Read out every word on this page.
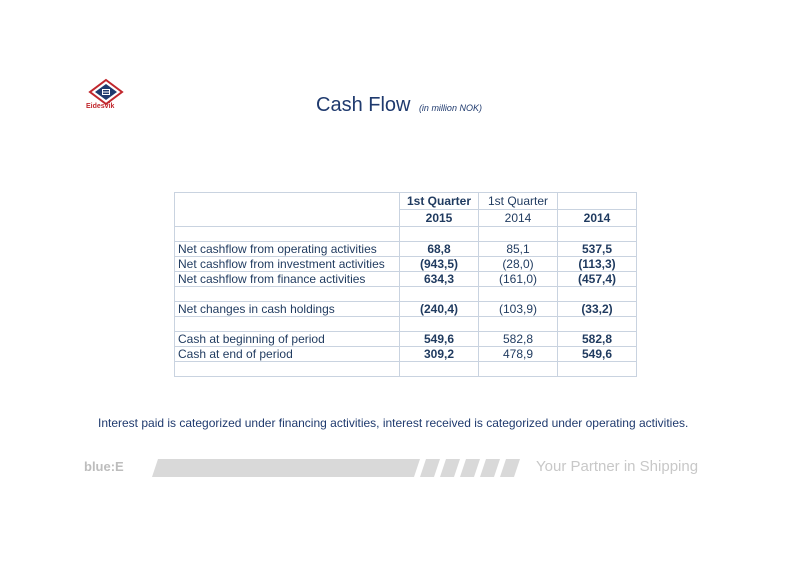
Eidesvik	Cash Flow (in million NOK)
	1st Quarter	1st Quarter	
	2015	2014	2014

Net cashflow from operating activities	68,8	85,1	537,5
Net cashflow from investment activities	(943,5)	(28,0)	(113,3)
Net cashflow from finance activities	634,3	(161,0)	(457,4)

Net changes in cash holdings	(240,4)	(103,9)	(33,2)

Cash at beginning of period	549,6	582,8	582,8
Cash at end of period	309,2	478,9	549,6

Interest paid is categorized under financing activities, interest received is categorized under operating activities.
blue:E	Your Partner in Shipping
